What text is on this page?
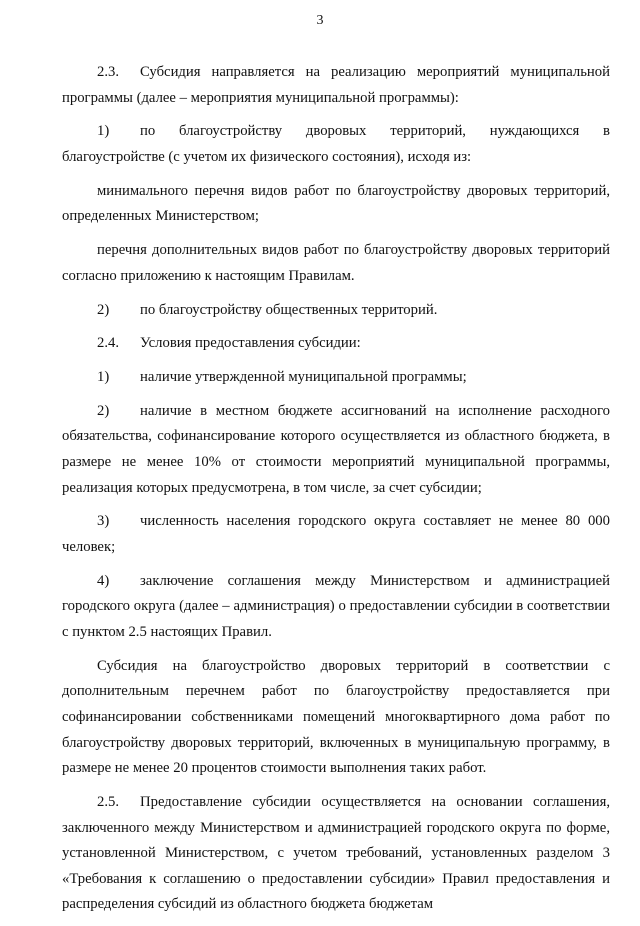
3

2.3. Субсидия направляется на реализацию мероприятий муниципальной программы (далее – мероприятия муниципальной программы):

1) по благоустройству дворовых территорий, нуждающихся в благоустройстве (с учетом их физического состояния), исходя из:

минимального перечня видов работ по благоустройству дворовых территорий, определенных Министерством;

перечня дополнительных видов работ по благоустройству дворовых территорий согласно приложению к настоящим Правилам.

2) по благоустройству общественных территорий.

2.4. Условия предоставления субсидии:

1) наличие утвержденной муниципальной программы;

2) наличие в местном бюджете ассигнований на исполнение расходного обязательства, софинансирование которого осуществляется из областного бюджета, в размере не менее 10% от стоимости мероприятий муниципальной программы, реализация которых предусмотрена, в том числе, за счет субсидии;

3) численность населения городского округа составляет не менее 80 000 человек;

4) заключение соглашения между Министерством и администрацией городского округа (далее – администрация) о предоставлении субсидии в соответствии с пунктом 2.5 настоящих Правил.

Субсидия на благоустройство дворовых территорий в соответствии с дополнительным перечнем работ по благоустройству предоставляется при софинансировании собственниками помещений многоквартирного дома работ по благоустройству дворовых территорий, включенных в муниципальную программу, в размере не менее 20 процентов стоимости выполнения таких работ.

2.5. Предоставление субсидии осуществляется на основании соглашения, заключенного между Министерством и администрацией городского округа по форме, установленной Министерством, с учетом требований, установленных разделом 3 «Требования к соглашению о предоставлении субсидии» Правил предоставления и распределения субсидий из областного бюджета бюджетам
